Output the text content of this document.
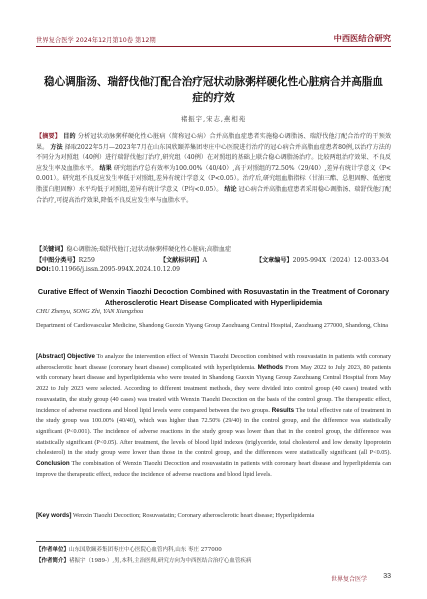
世界复合医学 2024年12月第10卷 第12期	中西医结合研究
稳心调脂汤、瑞舒伐他汀配合治疗冠状动脉粥样硬化性心脏病合并高脂血症的疗效
褚振宇,宋志,燕相苑
【摘要】 目的 分析冠状动脉粥样硬化性心脏病（简称冠心病）合并高脂血症患者实施稳心调脂汤、瑞舒伐他汀配合治疗的干预效果。 方法 择取2022年5月—2023年7月在山东国欣颐养集团枣庄中心医院进行治疗的冠心病合并高脂血症患者80例,以治疗方法的不同分为对照组（40例）进行瑞舒伐他汀治疗,研究组（40例）在对照组的基础上联合稳心调脂汤治疗。比较两组治疗效果、不良反应发生率及血脂水平。 结果 研究组治疗总有效率为100.00%（40/40）,高于对照组的72.50%（29/40）,差异有统计学意义（P<0.001）。研究组不良反应发生率低于对照组,差异有统计学意义（P<0.05）。治疗后,研究组血脂指标（甘油三酯、总胆固醇、低密度脂蛋白胆固醇）水平均低于对照组,差异有统计学意义（P均<0.05）。 结论 冠心病合并高脂血症患者采用稳心调脂汤、瑞舒伐他汀配合治疗,可提高治疗效果,降低不良反应发生率与血脂水平。
【关键词】稳心调脂汤;瑞舒伐他汀;冠状动脉粥样硬化性心脏病;高脂血症
【中图分类号】R259	【文献标识码】A	【文章编号】2095-994X（2024）12-0033-04
DOI:10.11966/j.issn.2095-994X.2024.10.12.09
Curative Effect of Wenxin Tiaozhi Decoction Combined with Rosuvastatin in the Treatment of Coronary Atherosclerotic Heart Disease Complicated with Hyperlipidemia
CHU Zhenyu, SONG Zhi, YAN Xiangzhou
Department of Cardiovascular Medicine, Shandong Guoxin Yiyang Group Zaozhuang Central Hospital, Zaozhuang 277000, Shandong, China
[Abstract] Objective To analyze the intervention effect of Wenxin Tiaozhi Decoction combined with rosuvastatin in patients with coronary atherosclerotic heart disease (coronary heart disease) complicated with hyperlipidemia. Methods From May 2022 to July 2023, 80 patients with coronary heart disease and hyperlipidemia who were treated in Shandong Guoxin Yiyang Group Zaozhuang Central Hospital from May 2022 to July 2023 were selected. According to different treatment methods, they were divided into control group (40 cases) treated with rosuvastatin, the study group (40 cases) was treated with Wenxin Tiaozhi Decoction on the basis of the control group. The therapeutic effect, incidence of adverse reactions and blood lipid levels were compared between the two groups. Results The total effective rate of treatment in the study group was 100.00% (40/40), which was higher than 72.50% (29/40) in the control group, and the difference was statistically significant (P<0.001). The incidence of adverse reactions in the study group was lower than that in the control group, the difference was statistically significant (P<0.05). After treatment, the levels of blood lipid indexes (triglyceride, total cholesterol and low density lipoprotein cholesterol) in the study group were lower than those in the control group, and the differences were statistically significant (all P<0.05). Conclusion The combination of Wenxin Tiaozhi Decoction and rosuvastatin in patients with coronary heart disease and hyperlipidemia can improve the therapeutic effect, reduce the incidence of adverse reactions and blood lipid levels.
[Key words] Wenxin Tiaozhi Decoction; Rosuvastatin; Coronary atherosclerotic heart disease; Hyperlipidemia
【作者单位】山东国欣颐养集团枣庄中心医院心血管内科,山东 枣庄 277000
【作者简介】褚振宇（1989-）,男,本科,主治医师,研究方向为中西医结合治疗心血管疾病
世界复合医学 33
